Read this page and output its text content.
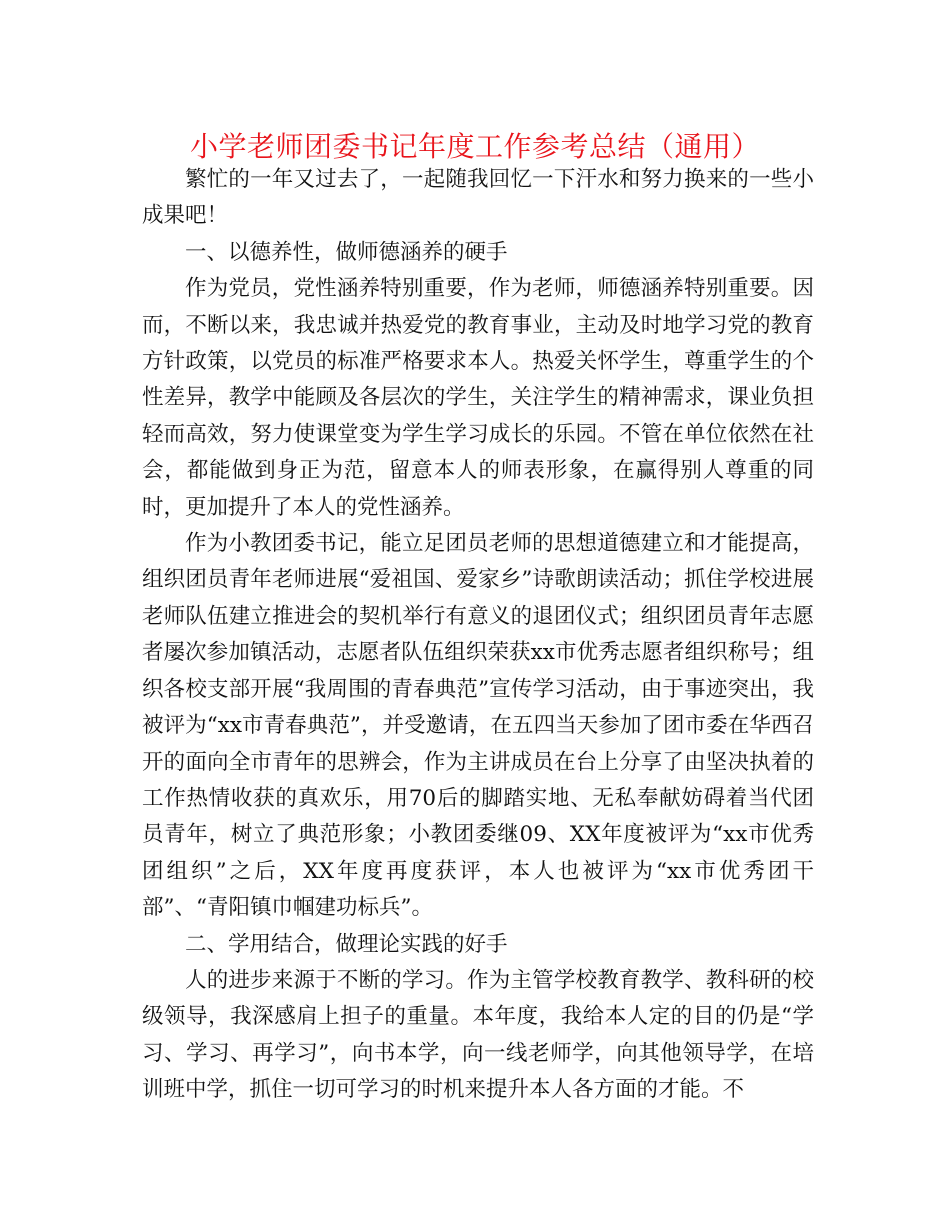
小学老师团委书记年度工作参考总结（通用）

繁忙的一年又过去了，一起随我回忆一下汗水和努力换来的一些小成果吧！

一、以德养性，做师德涵养的硬手

作为党员，党性涵养特别重要，作为老师，师德涵养特别重要。因而，不断以来，我忠诚并热爱党的教育事业，主动及时地学习党的教育方针政策，以党员的标准严格要求本人。热爱关怀学生，尊重学生的个性差异，教学中能顾及各层次的学生，关注学生的精神需求，课业负担轻而高效，努力使课堂变为学生学习成长的乐园。不管在单位依然在社会，都能做到身正为范，留意本人的师表形象，在赢得别人尊重的同时，更加提升了本人的党性涵养。

作为小教团委书记，能立足团员老师的思想道德建立和才能提高，组织团员青年老师进展“爱祖国、爱家乡”诗歌朗读活动；抓住学校进展老师队伍建立推进会的契机举行有意义的退团仪式；组织团员青年志愿者屡次参加镇活动，志愿者队伍组织荣获xx市优秀志愿者组织称号；组织各校支部开展“我周围的青春典范”宣传学习活动，由于事迹突出，我被评为“xx市青春典范”，并受邀请，在五四当天参加了团市委在华西召开的面向全市青年的思辨会，作为主讲成员在台上分享了由坚决执着的工作热情收获的真欢乐，用70后的脚踏实地、无私奉献妨碍着当代团员青年，树立了典范形象；小教团委继09、XX年度被评为“xx市优秀团组织”之后，XX年度再度获评，本人也被评为“xx市优秀团干部”、“青阳镇巾帼建功标兵”。

二、学用结合，做理论实践的好手

人的进步来源于不断的学习。作为主管学校教育教学、教科研的校级领导，我深感肩上担子的重量。本年度，我给本人定的目的仍是“学习、学习、再学习”，向书本学，向一线老师学，向其他领导学，在培训班中学，抓住一切可学习的时机来提升本人各方面的才能。不
